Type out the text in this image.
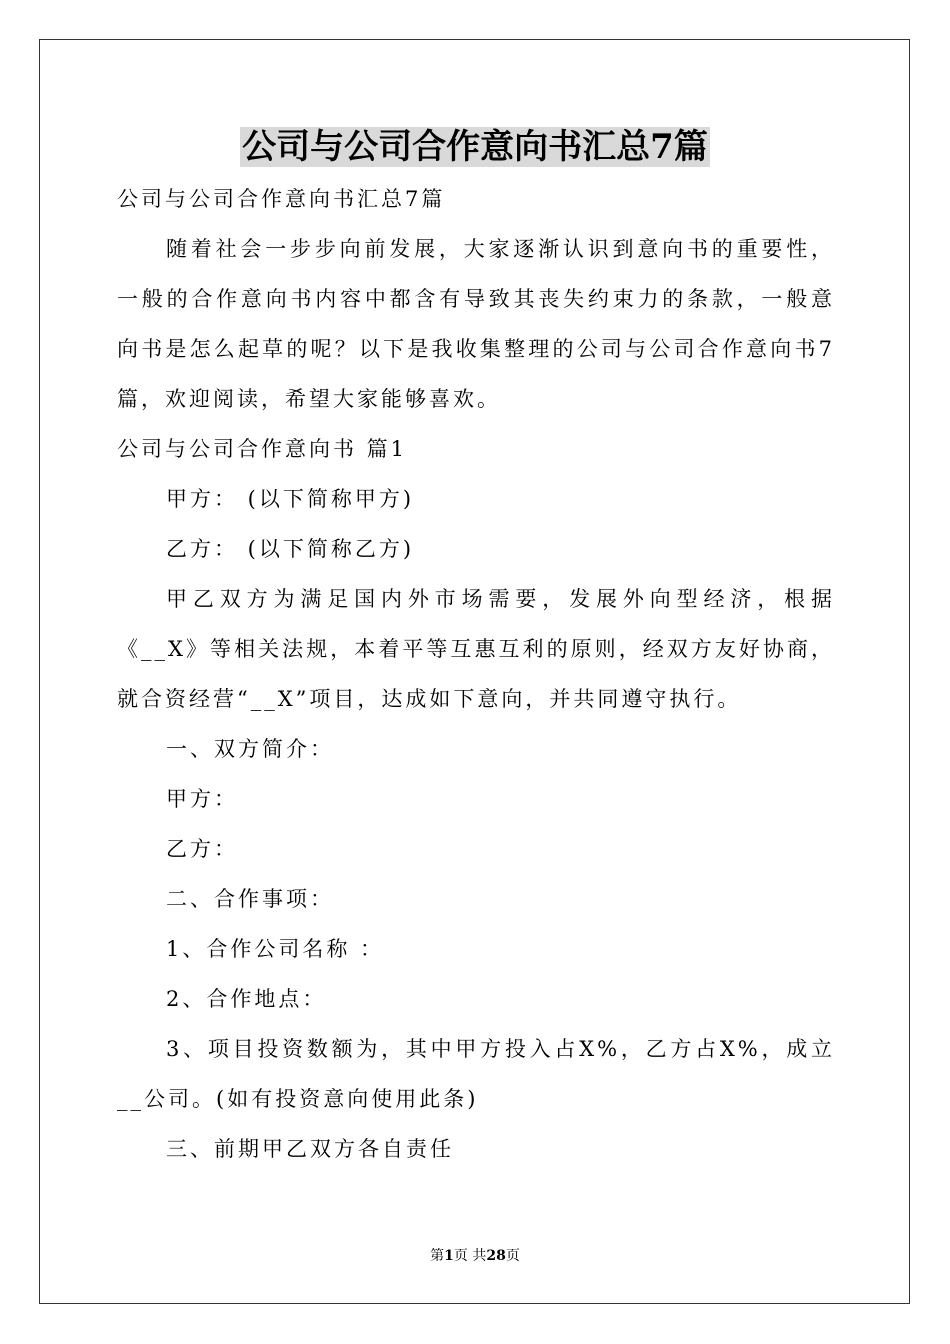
公司与公司合作意向书汇总7篇

公司与公司合作意向书汇总7篇

随着社会一步步向前发展，大家逐渐认识到意向书的重要性，一般的合作意向书内容中都含有导致其丧失约束力的条款，一般意向书是怎么起草的呢？以下是我收集整理的公司与公司合作意向书7篇，欢迎阅读，希望大家能够喜欢。

公司与公司合作意向书 篇1

甲方： (以下简称甲方)

乙方： (以下简称乙方)

甲乙双方为满足国内外市场需要，发展外向型经济，根据《__X》等相关法规，本着平等互惠互利的原则，经双方友好协商，就合资经营“__X”项目，达成如下意向，并共同遵守执行。

一、双方简介：

甲方：

乙方：

二、合作事项：

1、合作公司名称 ：

2、合作地点：

3、项目投资数额为，其中甲方投入占X%，乙方占X%，成立__公司。(如有投资意向使用此条)

三、前期甲乙双方各自责任

第1页 共28页
